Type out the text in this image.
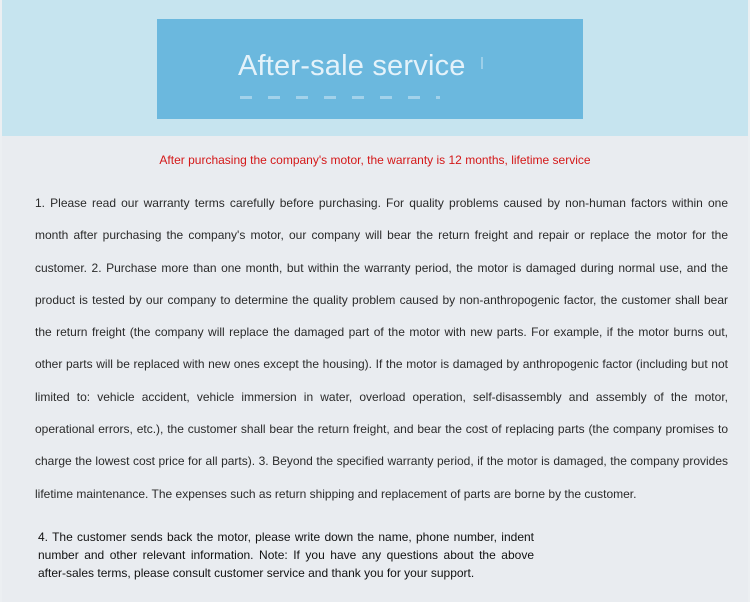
After-sale service
After purchasing the company's motor, the warranty is 12 months, lifetime service

1. Please read our warranty terms carefully before purchasing. For quality problems caused by non-human factors within one month after purchasing the company's motor, our company will bear the return freight and repair or replace the motor for the customer. 2. Purchase more than one month, but within the warranty period, the motor is damaged during normal use, and the product is tested by our company to determine the quality problem caused by non-anthropogenic factor, the customer shall bear the return freight (the company will replace the damaged part of the motor with new parts. For example, if the motor burns out, other parts will be replaced with new ones except the housing). If the motor is damaged by anthropogenic factor (including but not limited to: vehicle accident, vehicle immersion in water, overload operation, self-disassembly and assembly of the motor, operational errors, etc.), the customer shall bear the return freight, and bear the cost of replacing parts (the company promises to charge the lowest cost price for all parts). 3. Beyond the specified warranty period, if the motor is damaged, the company provides lifetime maintenance. The expenses such as return shipping and replacement of parts are borne by the customer.

4. The customer sends back the motor, please write down the name, phone number, indent number and other relevant information. Note: If you have any questions about the above after-sales terms, please consult customer service and thank you for your support.
